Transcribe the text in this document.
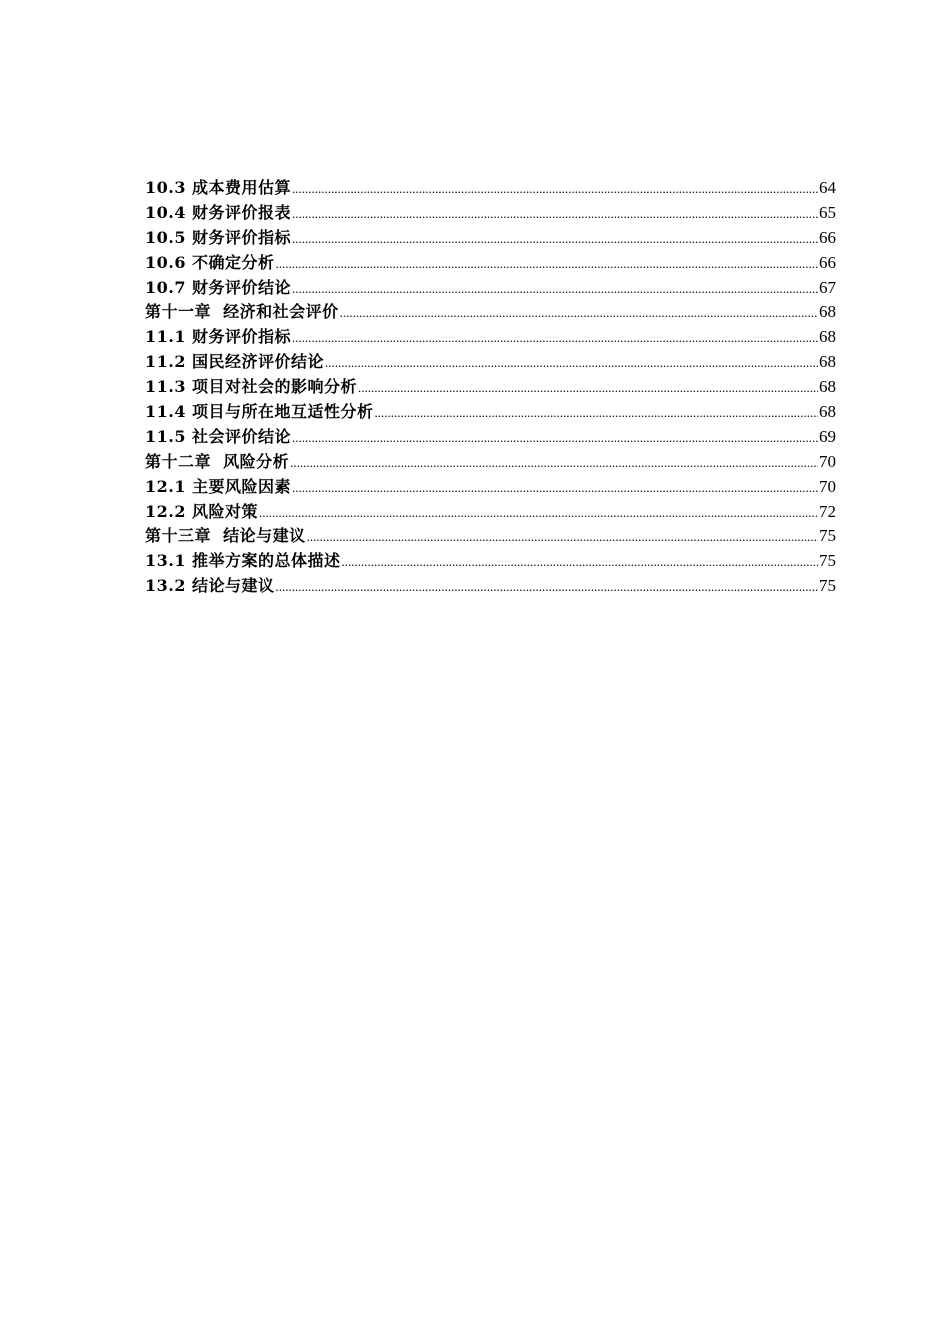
10.3 成本费用估算 .....	64
10.4 财务评价报表 .....	65
10.5 财务评价指标 .....	66
10.6 不确定分析 .....	66
10.7 财务评价结论 .....	67
第十一章  经济和社会评价 .....	68
11.1 财务评价指标 .....	68
11.2 国民经济评价结论 .....	68
11.3 项目对社会的影响分析 .....	68
11.4 项目与所在地互适性分析 .....	68
11.5 社会评价结论 .....	69
第十二章  风险分析 .....	70
12.1 主要风险因素 .....	70
12.2 风险对策 .....	72
第十三章  结论与建议 .....	75
13.1 推举方案的总体描述 .....	75
13.2 结论与建议 .....	75
